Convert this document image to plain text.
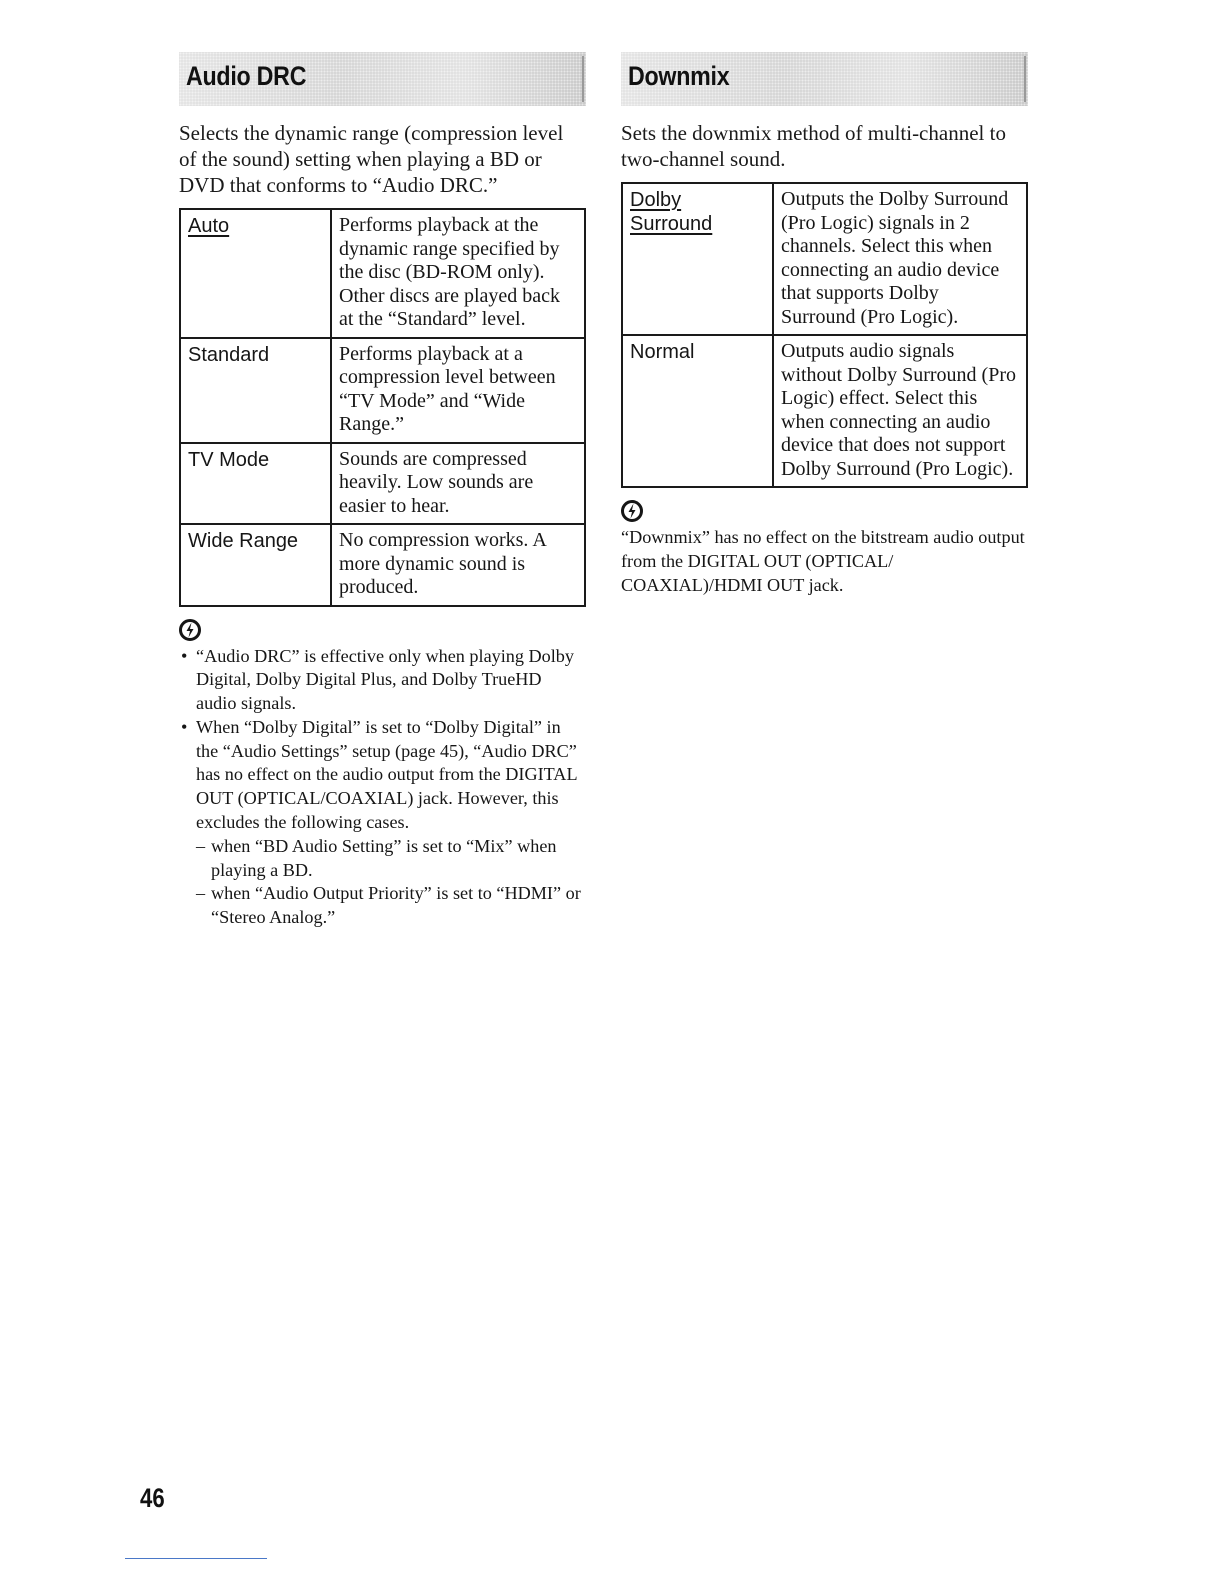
Audio DRC

Selects the dynamic range (compression level of the sound) setting when playing a BD or DVD that conforms to “Audio DRC.”

Auto	Performs playback at the dynamic range specified by the disc (BD-ROM only). Other discs are played back at the “Standard” level.
Standard	Performs playback at a compression level between “TV Mode” and “Wide Range.”
TV Mode	Sounds are compressed heavily. Low sounds are easier to hear.
Wide Range	No compression works. A more dynamic sound is produced.
• “Audio DRC” is effective only when playing Dolby Digital, Dolby Digital Plus, and Dolby TrueHD audio signals.
• When “Dolby Digital” is set to “Dolby Digital” in the “Audio Settings” setup (page 45), “Audio DRC” has no effect on the audio output from the DIGITAL OUT (OPTICAL/COAXIAL) jack. However, this excludes the following cases.
– when “BD Audio Setting” is set to “Mix” when playing a BD.
– when “Audio Output Priority” is set to “HDMI” or “Stereo Analog.”
Downmix

Sets the downmix method of multi-channel to two-channel sound.

Dolby Surround	Outputs the Dolby Surround (Pro Logic) signals in 2 channels. Select this when connecting an audio device that supports Dolby Surround (Pro Logic).
Normal	Outputs audio signals without Dolby Surround (Pro Logic) effect. Select this when connecting an audio device that does not support Dolby Surround (Pro Logic).

“Downmix” has no effect on the bitstream audio output from the DIGITAL OUT (OPTICAL/ COAXIAL)/HDMI OUT jack.

46
